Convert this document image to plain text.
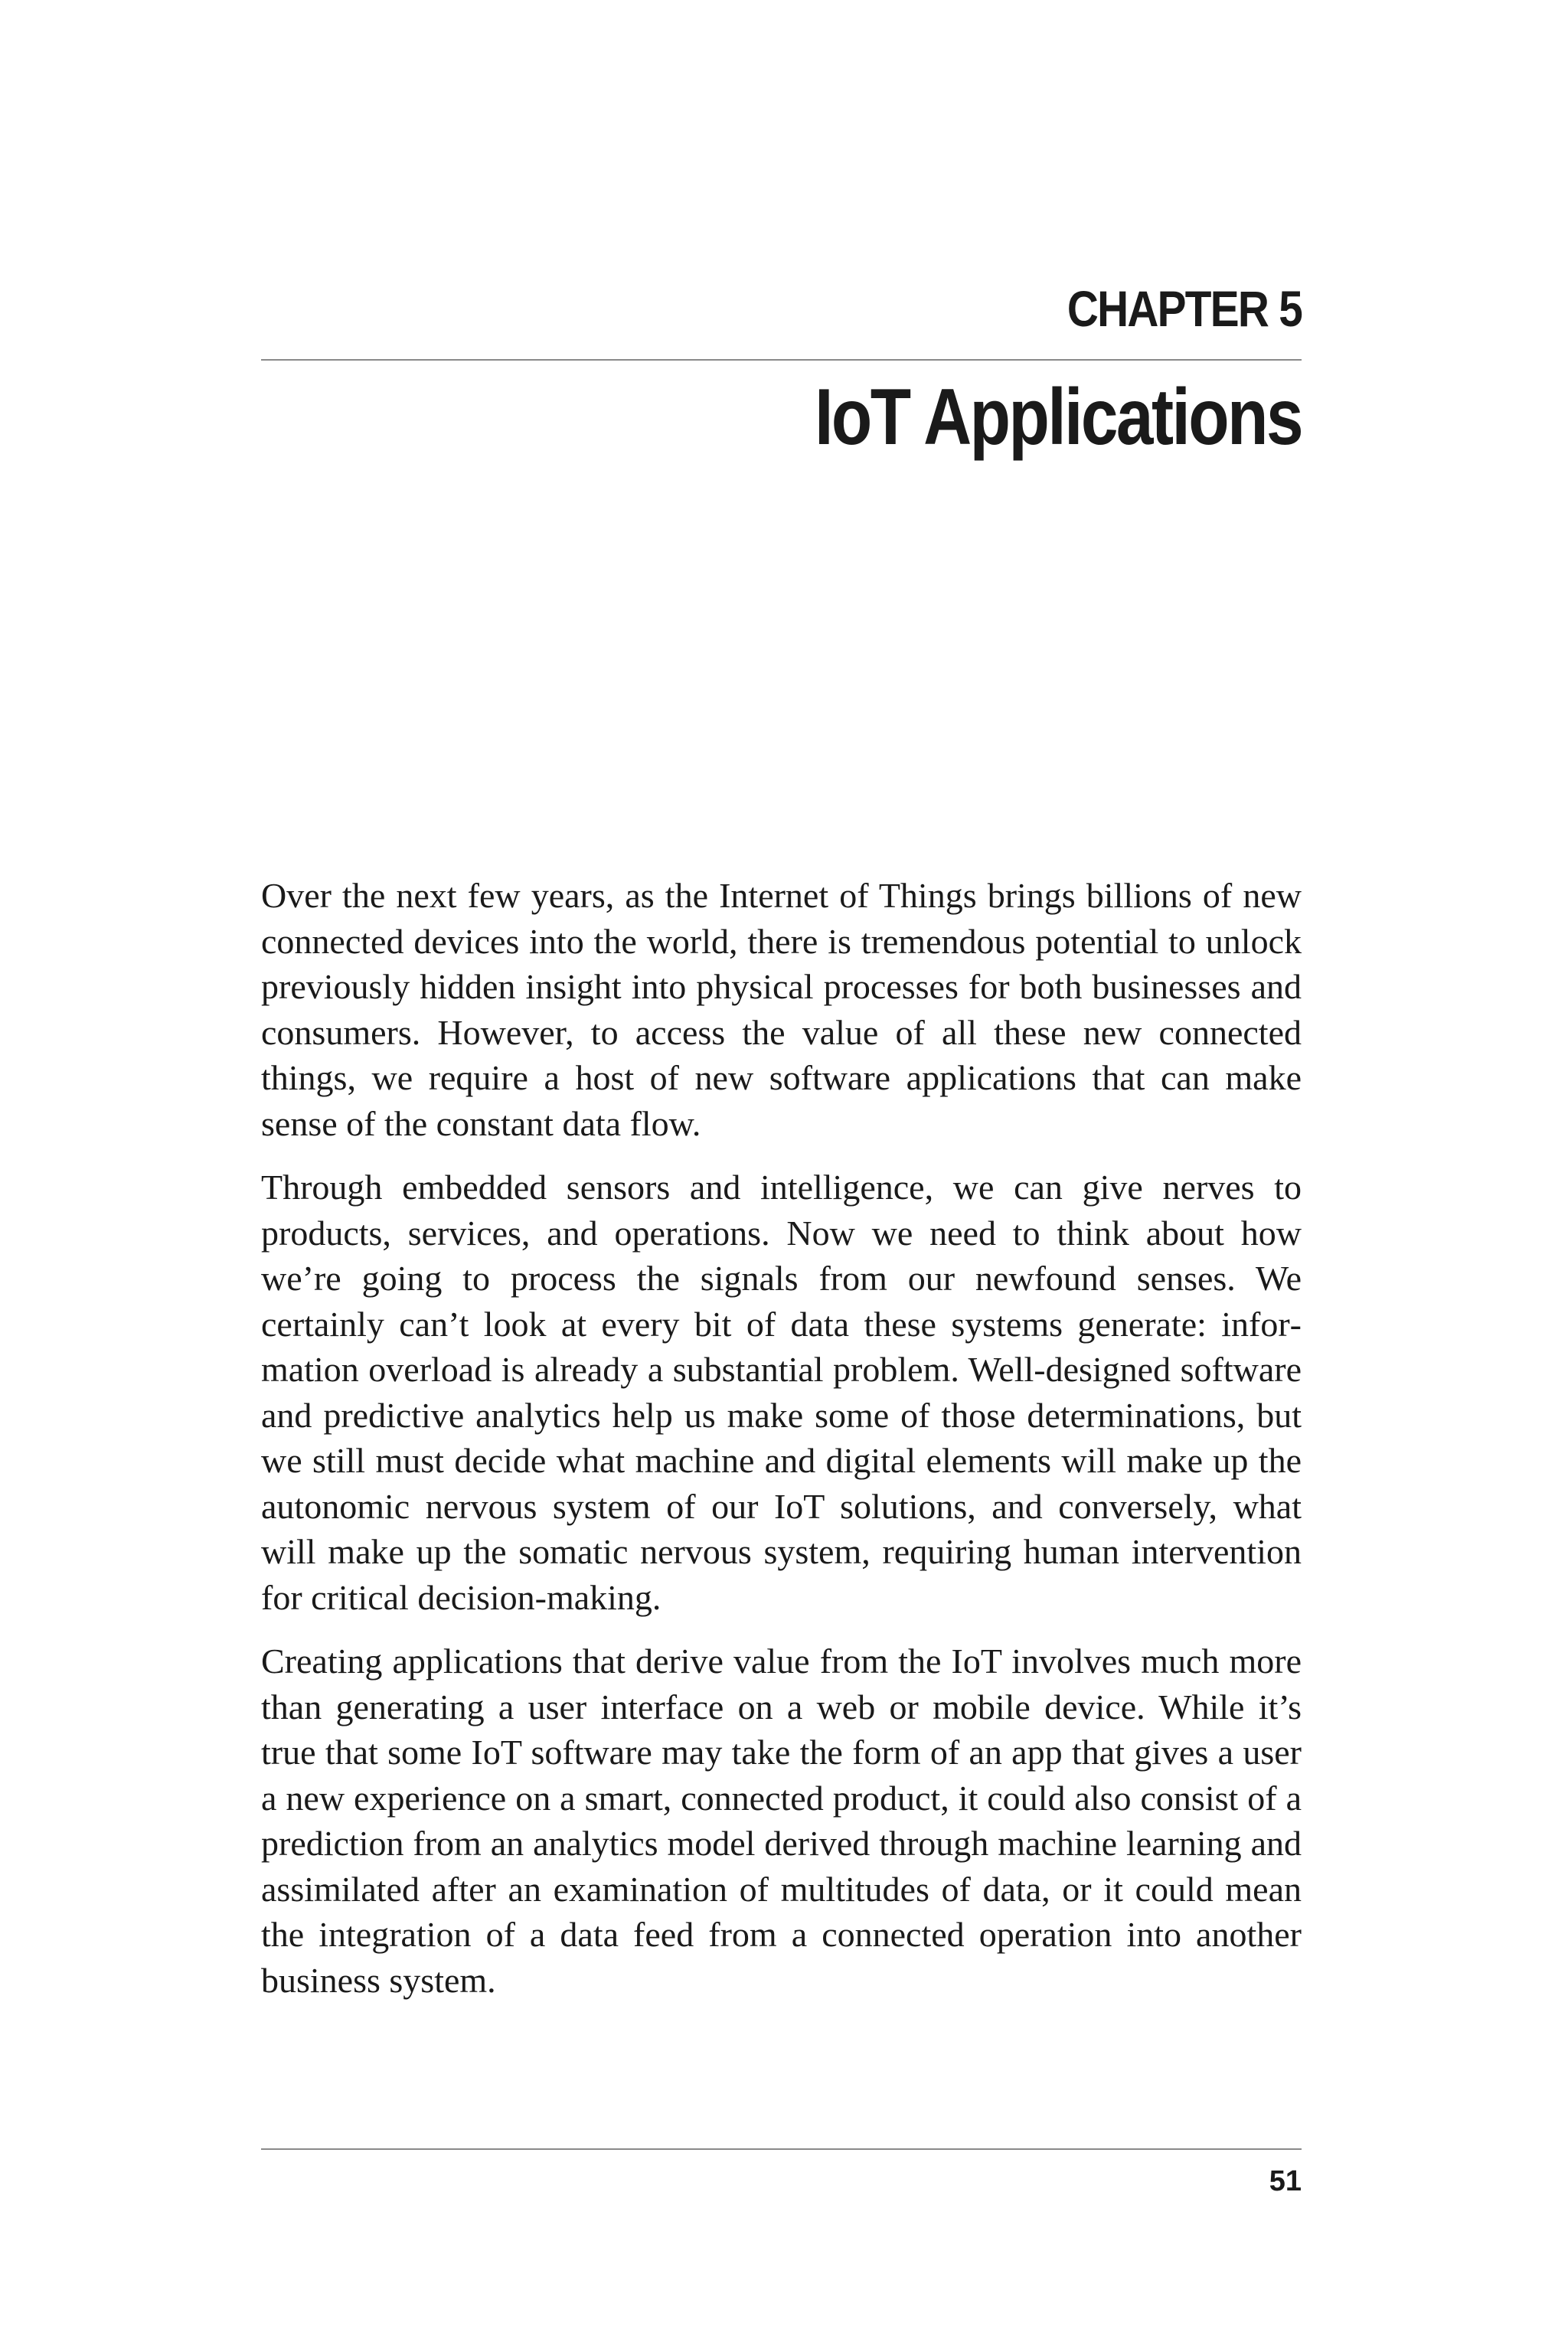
CHAPTER 5
IoT Applications

Over the next few years, as the Internet of Things brings billions of new connected devices into the world, there is tremendous potential to unlock previously hidden insight into physical processes for both businesses and consumers. However, to access the value of all these new connected things, we require a host of new software applications that can make sense of the constant data flow.

Through embedded sensors and intelligence, we can give nerves to products, services, and operations. Now we need to think about how we’re going to process the signals from our newfound senses. We certainly can’t look at every bit of data these systems generate: information overload is already a substantial problem. Well-designed software and predictive analytics help us make some of those determinations, but we still must decide what machine and digital elements will make up the autonomic nervous system of our IoT solutions, and conversely, what will make up the somatic nervous system, requiring human intervention for critical decision-making.

Creating applications that derive value from the IoT involves much more than generating a user interface on a web or mobile device. While it’s true that some IoT software may take the form of an app that gives a user a new experience on a smart, connected product, it could also consist of a prediction from an analytics model derived through machine learning and assimilated after an examination of multitudes of data, or it could mean the integration of a data feed from a connected operation into another business system.

51
